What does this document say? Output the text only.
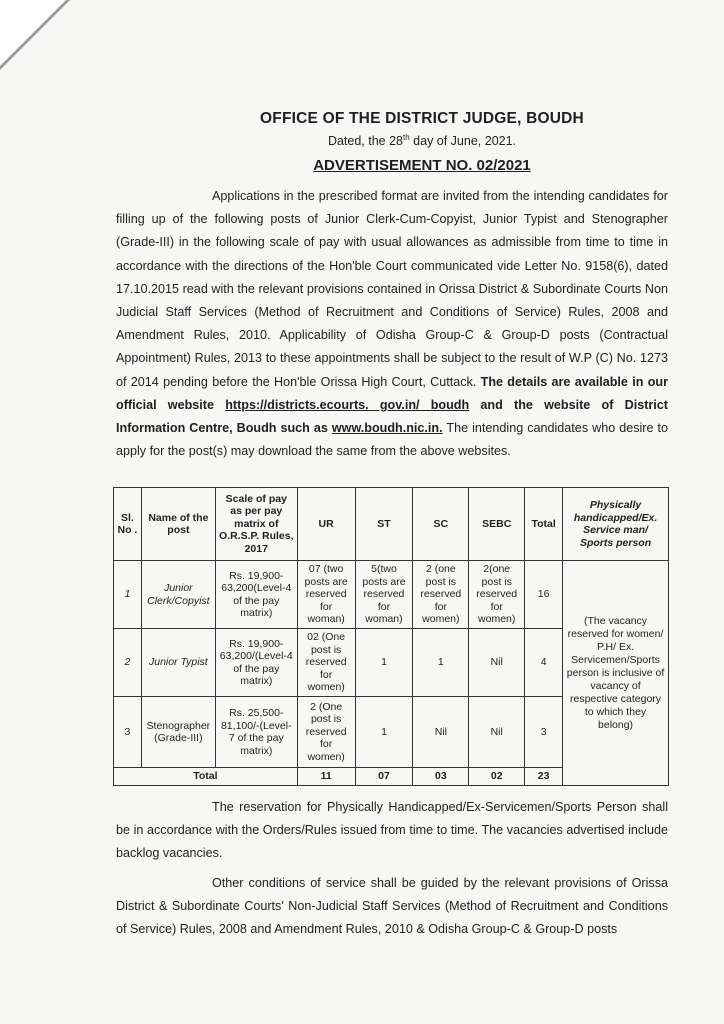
OFFICE OF THE DISTRICT JUDGE, BOUDH
Dated, the 28th day of June, 2021.
ADVERTISEMENT NO. 02/2021
Applications in the prescribed format are invited from the intending candidates for filling up of the following posts of Junior Clerk-Cum-Copyist, Junior Typist and Stenographer (Grade-III) in the following scale of pay with usual allowances as admissible from time to time in accordance with the directions of the Hon'ble Court communicated vide Letter No. 9158(6), dated 17.10.2015 read with the relevant provisions contained in Orissa District & Subordinate Courts Non Judicial Staff Services (Method of Recruitment and Conditions of Service) Rules, 2008 and Amendment Rules, 2010. Applicability of Odisha Group-C & Group-D posts (Contractual Appointment) Rules, 2013 to these appointments shall be subject to the result of W.P (C) No. 1273 of 2014 pending before the Hon'ble Orissa High Court, Cuttack. The details are available in our official website https://districts.ecourts. gov.in/ boudh and the website of District Information Centre, Boudh such as www.boudh.nic.in. The intending candidates who desire to apply for the post(s) may download the same from the above websites.
Sl. No .	Name of the post	Scale of pay as per pay matrix of O.R.S.P. Rules, 2017	UR	ST	SC	SEBC	Total	Physically handicapped/Ex. Service man/ Sports person
1	Junior Clerk/Copyist	Rs. 19,900-63,200(Level-4 of the pay matrix)	07 (two posts are reserved for woman)	5(two posts are reserved for woman)	2 (one post is reserved for women)	2(one post is reserved for women)	16	(The vacancy reserved for women/ P.H/ Ex. Servicemen/Sports person is inclusive of vacancy of respective category to which they belong)
2	Junior Typist	Rs. 19,900-63,200/(Level-4 of the pay matrix)	02 (One post is reserved for women)	1	1	Nil	4	
3	Stenographer (Grade-III)	Rs. 25,500-81,100/-(Level-7 of the pay matrix)	2 (One post is reserved for women)	1	Nil	Nil	3	
Total			11	07	03	02	23	
The reservation for Physically Handicapped/Ex-Servicemen/Sports Person shall be in accordance with the Orders/Rules issued from time to time. The vacancies advertised include backlog vacancies.
Other conditions of service shall be guided by the relevant provisions of Orissa District & Subordinate Courts' Non-Judicial Staff Services (Method of Recruitment and Conditions of Service) Rules, 2008 and Amendment Rules, 2010 & Odisha Group-C & Group-D posts
